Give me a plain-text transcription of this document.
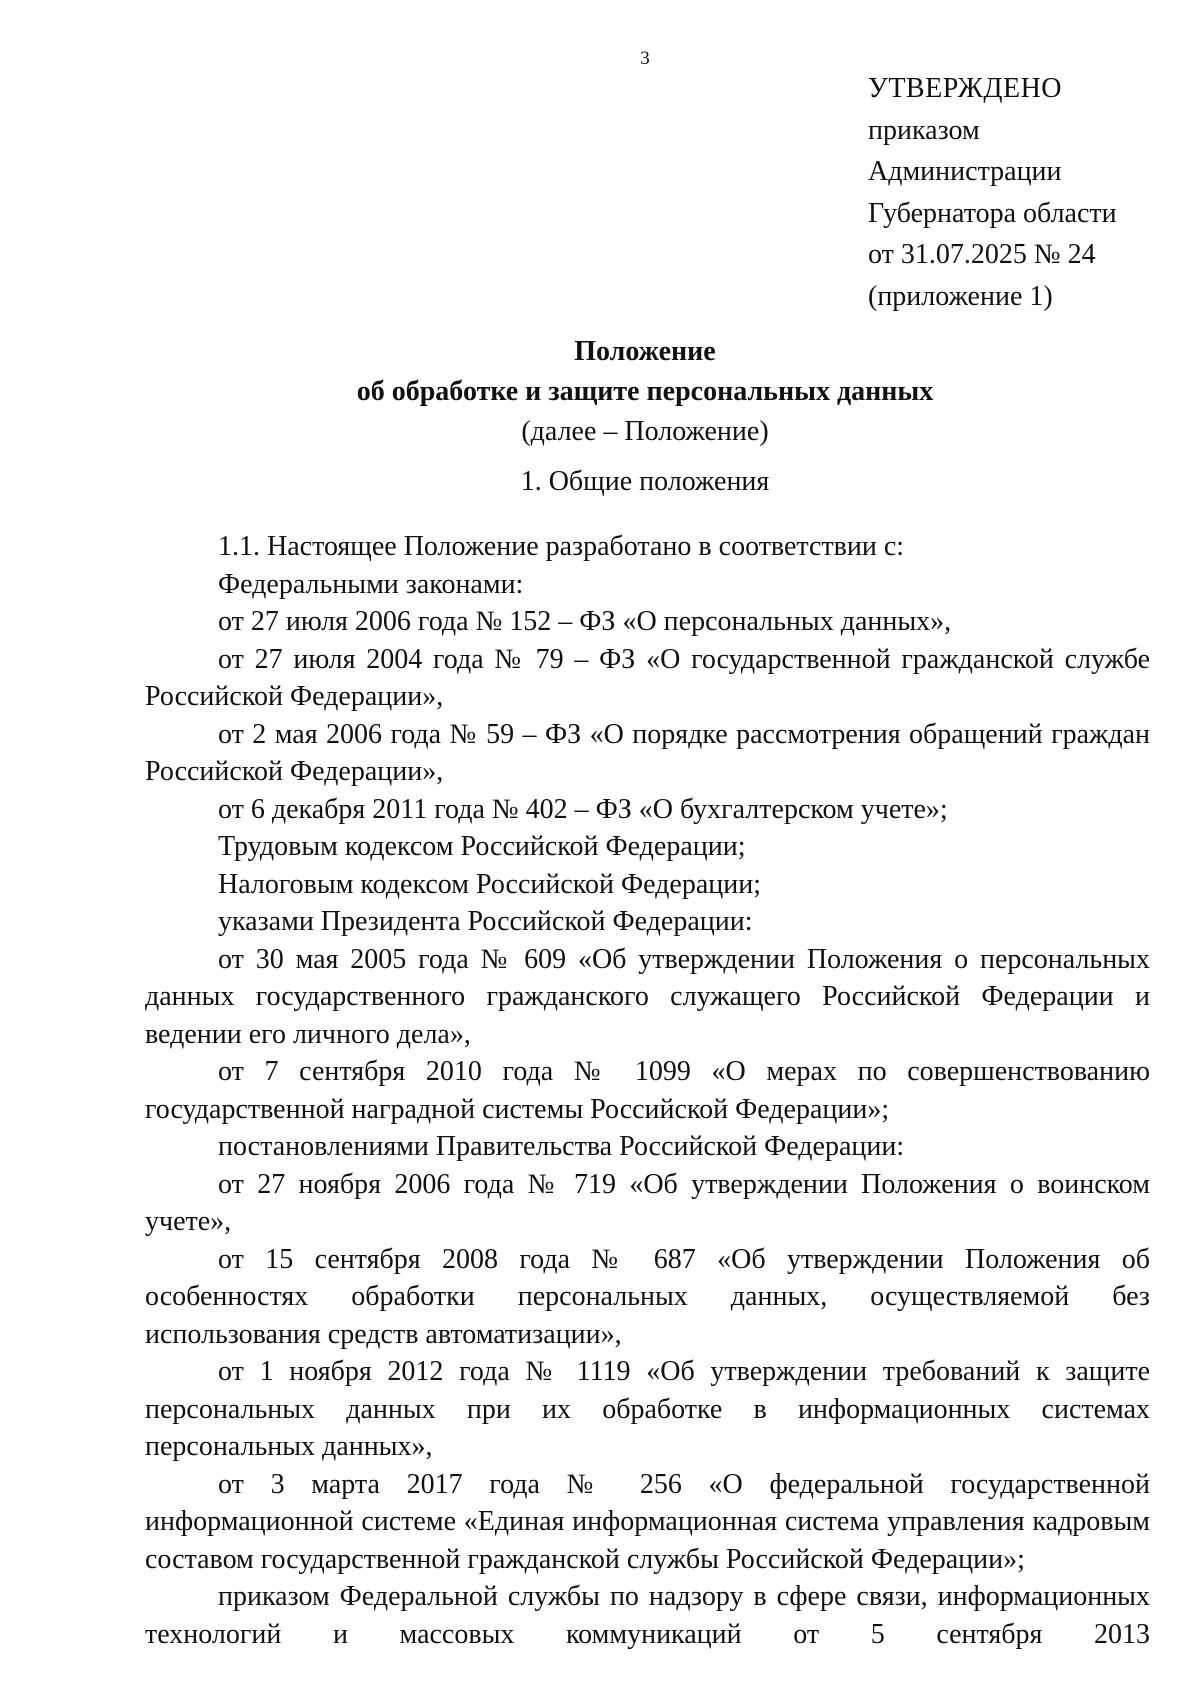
3
УТВЕРЖДЕНО
приказом
Администрации
Губернатора области
от 31.07.2025 № 24
(приложение 1)
Положение
об обработке и защите персональных данных
(далее – Положение)
1. Общие положения

1.1. Настоящее Положение разработано в соответствии с:

Федеральными законами:

от 27 июля 2006 года № 152 – ФЗ «О персональных данных»,

от 27 июля 2004 года № 79 – ФЗ «О государственной гражданской службе Российской Федерации»,

от 2 мая 2006 года № 59 – ФЗ «О порядке рассмотрения обращений граждан Российской Федерации»,

от 6 декабря 2011 года № 402 – ФЗ «О бухгалтерском учете»;

Трудовым кодексом Российской Федерации;

Налоговым кодексом Российской Федерации;

указами Президента Российской Федерации:

от 30 мая 2005 года № 609 «Об утверждении Положения о персональных данных государственного гражданского служащего Российской Федерации и ведении его личного дела»,

от 7 сентября 2010 года № 1099 «О мерах по совершенствованию государственной наградной системы Российской Федерации»;

постановлениями Правительства Российской Федерации:

от 27 ноября 2006 года № 719 «Об утверждении Положения о воинском учете»,

от 15 сентября 2008 года № 687 «Об утверждении Положения об особенностях обработки персональных данных, осуществляемой без использования средств автоматизации»,

от 1 ноября 2012 года № 1119 «Об утверждении требований к защите персональных данных при их обработке в информационных системах персональных данных»,

от 3 марта 2017 года № 256 «О федеральной государственной информационной системе «Единая информационная система управления кадровым составом государственной гражданской службы Российской Федерации»;

приказом Федеральной службы по надзору в сфере связи, информационных технологий и массовых коммуникаций от 5 сентября 2013
